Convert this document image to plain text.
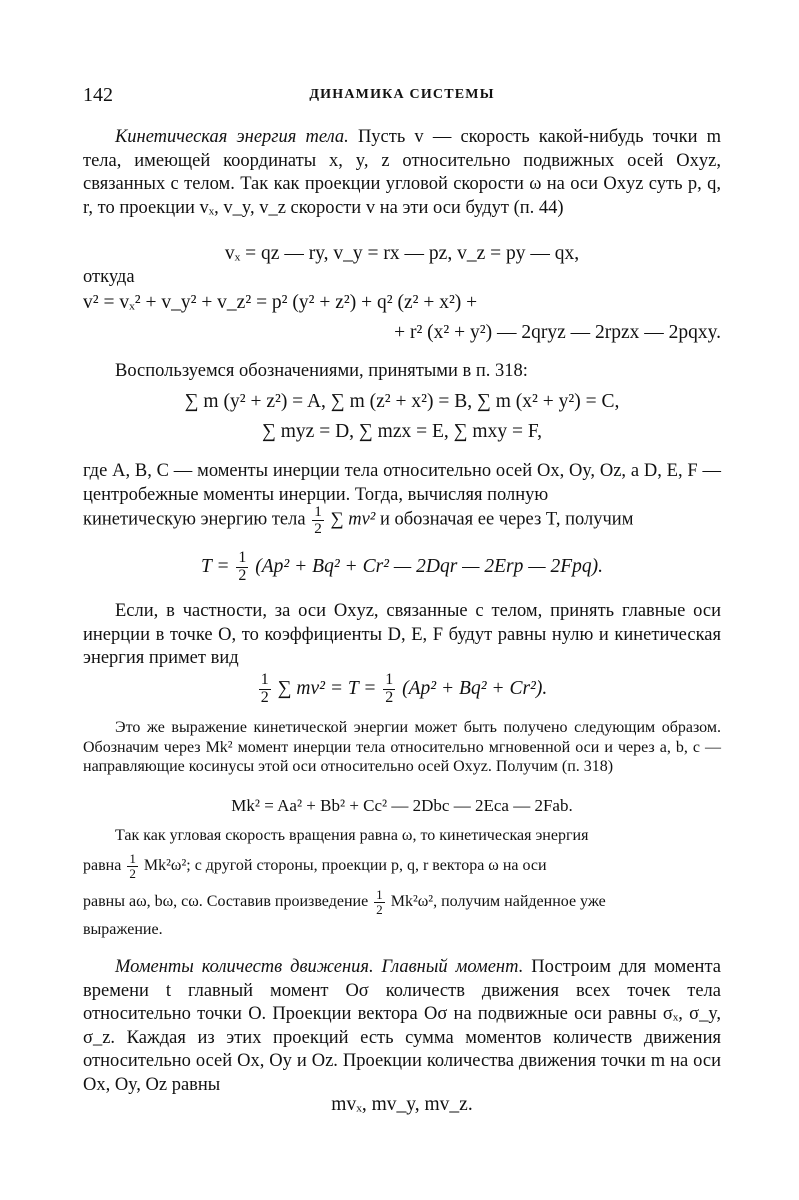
142	ДИНАМИКА СИСТЕМЫ
Кинетическая энергия тела. Пусть v — скорость какой-нибудь точки m тела, имеющей координаты x, y, z относительно подвижных осей Oxyz, связанных с телом. Так как проекции угловой скорости ω на оси Oxyz суть p, q, r, то проекции vₓ, v_y, v_z скорости v на эти оси будут (п. 44)
vₓ = qz — ry, v_y = rx — pz, v_z = py — qx,
откуда
v² = vₓ² + v_y² + v_z² = p² (y² + z²) + q² (z² + x²) +
+ r² (x² + y²) — 2qryz — 2rpzx — 2pqxy.
Воспользуемся обозначениями, принятыми в п. 318:
∑ m (y² + z²) = A, ∑ m (z² + x²) = B, ∑ m (x² + y²) = C,
∑ myz = D, ∑ mzx = E, ∑ mxy = F,
где A, B, C — моменты инерции тела относительно осей Ox, Oy, Oz, а D, E, F — центробежные моменты инерции. Тогда, вычисляя полную
кинетическую энергию тела $\frac{1}{2}$ ∑ mv² и обозначая ее через T, получим
$T = \frac{1}{2} (Ap^2 + Bq^2 + Cr^2$ — 2Dqr — 2Erp — 2Fpq).
Если, в частности, за оси Oxyz, связанные с телом, принять главные оси инерции в точке O, то коэффициенты D, E, F будут равны нулю и кинетическая энергия примет вид
$\frac{1}{2}$ ∑ $mv^2 = T = \frac{1}{2} (Ap^2 + Bq^2 + Cr^2)$.
Это же выражение кинетической энергии может быть получено следующим образом. Обозначим через Mk² момент инерции тела относительно мгновенной оси и через a, b, c — направляющие косинусы этой оси относительно осей Oxyz. Получим (п. 318)
Mk² = Aa² + Bb² + Cc² — 2Dbc — 2Eca — 2Fab.
Так как угловая скорость вращения равна ω, то кинетическая энергия
равна $\frac{1}{2} Mk^2\omega^2$; с другой стороны, проекции p, q, r вектора ω на оси
равны aω, bω, cω. Составив произведение $\frac{1}{2} Mk^2\omega^2$, получим найденное уже
выражение.
Моменты количеств движения. Главный момент. Построим для момента времени t главный момент Oσ количеств движения всех точек тела относительно точки O. Проекции вектора Oσ на подвижные оси равны σₓ, σ_y, σ_z. Каждая из этих проекций есть сумма моментов количеств движения относительно осей Ox, Oy и Oz. Проекции количества движения точки m на оси Ox, Oy, Oz равны
mvₓ, mv_y, mv_z.
